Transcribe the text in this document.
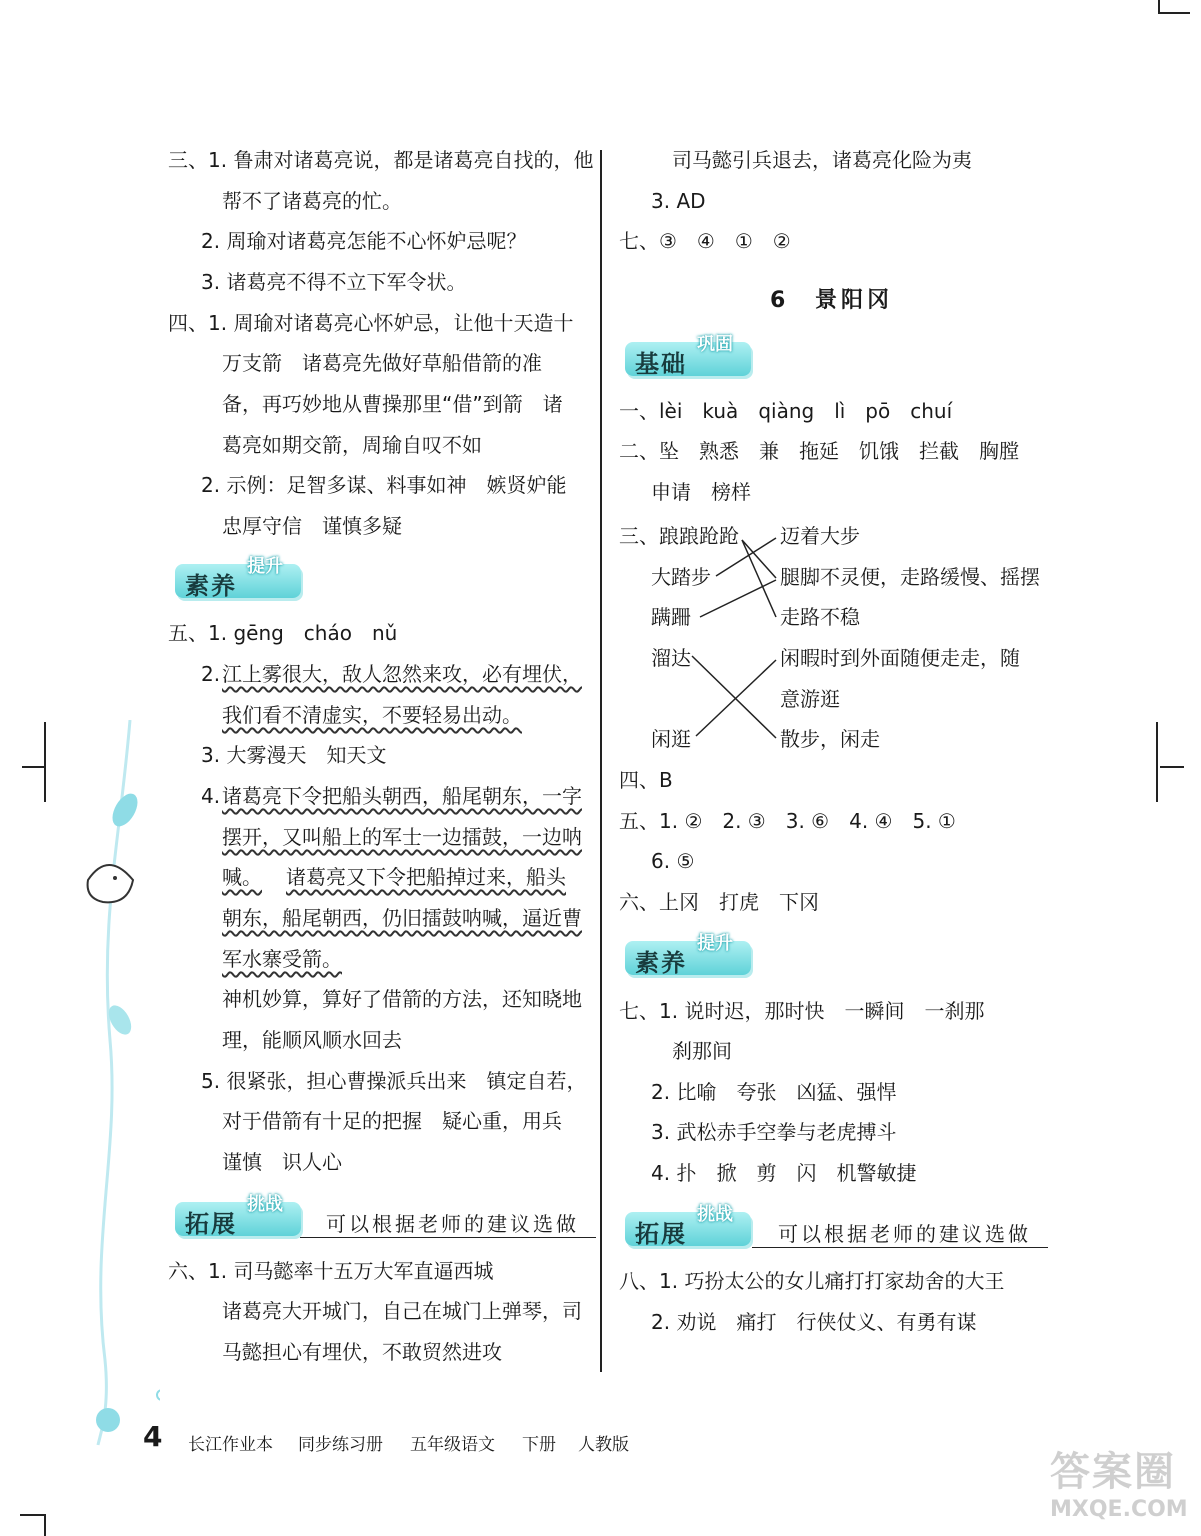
三、1. 鲁肃对诸葛亮说，都是诸葛亮自找的，他
帮不了诸葛亮的忙。
2. 周瑜对诸葛亮怎能不心怀妒忌呢？
3. 诸葛亮不得不立下军令状。
四、1. 周瑜对诸葛亮心怀妒忌，让他十天造十
万支箭　诸葛亮先做好草船借箭的准
备，再巧妙地从曹操那里“借”到箭　诸
葛亮如期交箭，周瑜自叹不如
2. 示例：足智多谋、料事如神　嫉贤妒能
忠厚守信　谨慎多疑
素养
提升
五、1. gēng　cháo　nǔ
2. 江上雾很大，敌人忽然来攻，必有埋伏，
我们看不清虚实，不要轻易出动。
3. 大雾漫天　知天文
4. 诸葛亮下令把船头朝西，船尾朝东，一字
摆开，又叫船上的军士一边擂鼓，一边呐
喊。 诸葛亮又下令把船掉过来，船头
朝东，船尾朝西，仍旧擂鼓呐喊，逼近曹
军水寨受箭。
神机妙算，算好了借箭的方法，还知晓地
理，能顺风顺水回去
5. 很紧张，担心曹操派兵出来　镇定自若，
对于借箭有十足的把握　疑心重，用兵
谨慎　识人心
拓展
挑战
可以根据老师的建议选做
六、1. 司马懿率十五万大军直逼西城
诸葛亮大开城门，自己在城门上弹琴，司
马懿担心有埋伏，不敢贸然进攻
司马懿引兵退去，诸葛亮化险为夷
3. AD
七、③　④　①　②
6 景阳冈
基础
巩固
一、lèi　kuà　qiàng　lì　pō　chuí
二、坠　熟悉　兼　拖延　饥饿　拦截　胸膛
申请　榜样
三、踉踉跄跄
大踏步
蹒跚
溜达
闲逛
迈着大步
腿脚不灵便，走路缓慢、摇摆
走路不稳
闲暇时到外面随便走走，随
意游逛
散步，闲走
四、B
五、1. ②　2. ③　3. ⑥　4. ④　5. ①
6. ⑤
六、上冈　打虎　下冈
素养
提升
七、1. 说时迟，那时快　一瞬间　一刹那
刹那间
2. 比喻　夸张　凶猛、强悍
3. 武松赤手空拳与老虎搏斗
4. 扑　掀　剪　闪　机警敏捷
拓展
挑战
可以根据老师的建议选做
八、1. 巧扮太公的女儿痛打打家劫舍的大王
2. 劝说　痛打　行侠仗义、有勇有谋
4 长江作业本 同步练习册 五年级语文 下册 人教版
答案圈
MXQE.COM
